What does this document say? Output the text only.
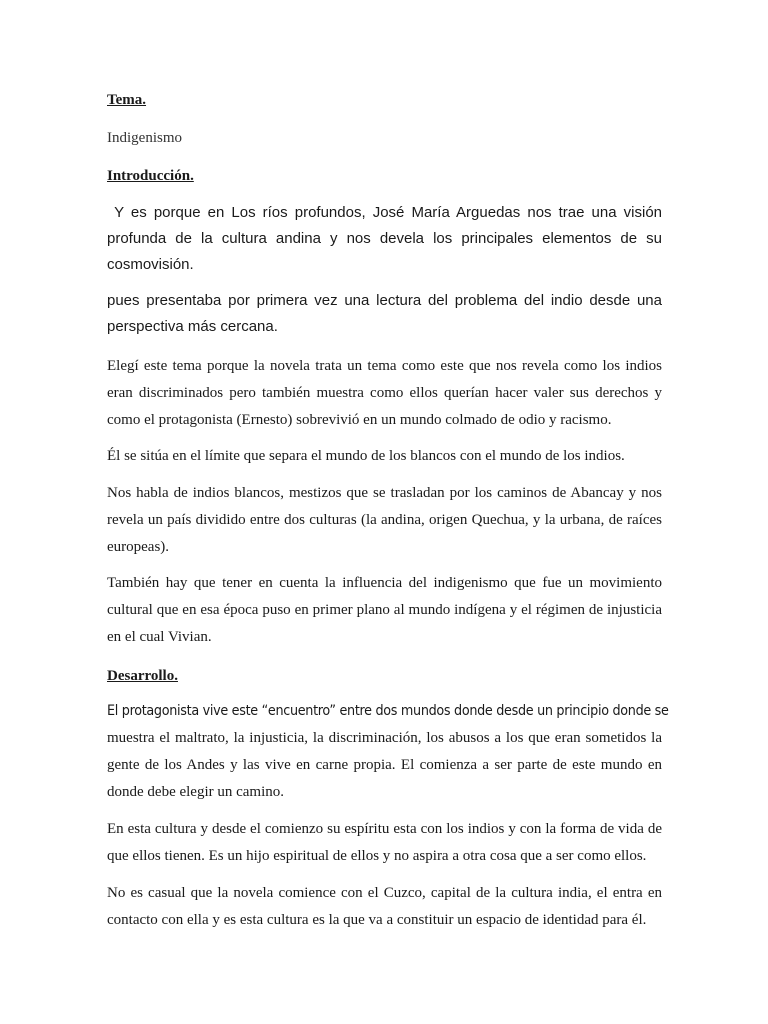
Tema.

Indigenismo

Introducción.

Y es porque en Los ríos profundos, José María Arguedas nos trae una visión profunda de la cultura andina y nos devela los principales elementos de su cosmovisión.

pues presentaba por primera vez una lectura del problema del indio desde una perspectiva más cercana.

Elegí este tema porque la novela trata un tema como este que nos revela como los indios eran discriminados pero también muestra como ellos querían hacer valer sus derechos y como el protagonista (Ernesto) sobrevivió en un mundo colmado de odio y racismo.

Él se sitúa en el límite que separa el mundo de los blancos con el mundo de los indios.

Nos habla de indios blancos, mestizos que se trasladan por los caminos de Abancay y nos revela un país dividido entre dos culturas (la andina, origen Quechua, y la urbana, de raíces europeas).

También hay que tener en cuenta la influencia del indigenismo que fue un movimiento cultural que en esa época puso en primer plano al mundo indígena y el régimen de injusticia en el cual Vivian.

Desarrollo.

El protagonista vive este “encuentro” entre dos mundos donde desde un principio donde se

muestra el maltrato, la injusticia, la discriminación, los abusos a los que eran sometidos la gente de los Andes y las vive en carne propia. El comienza a ser parte de este mundo en donde debe elegir un camino.

En esta cultura y desde el comienzo su espíritu esta con los indios y con la forma de vida de que ellos tienen. Es un hijo espiritual de ellos y no aspira a otra cosa que a ser como ellos.

No es casual que la novela comience con el Cuzco, capital de la cultura india, el entra en contacto con ella y es esta cultura es la que va a constituir un espacio de identidad para él.
